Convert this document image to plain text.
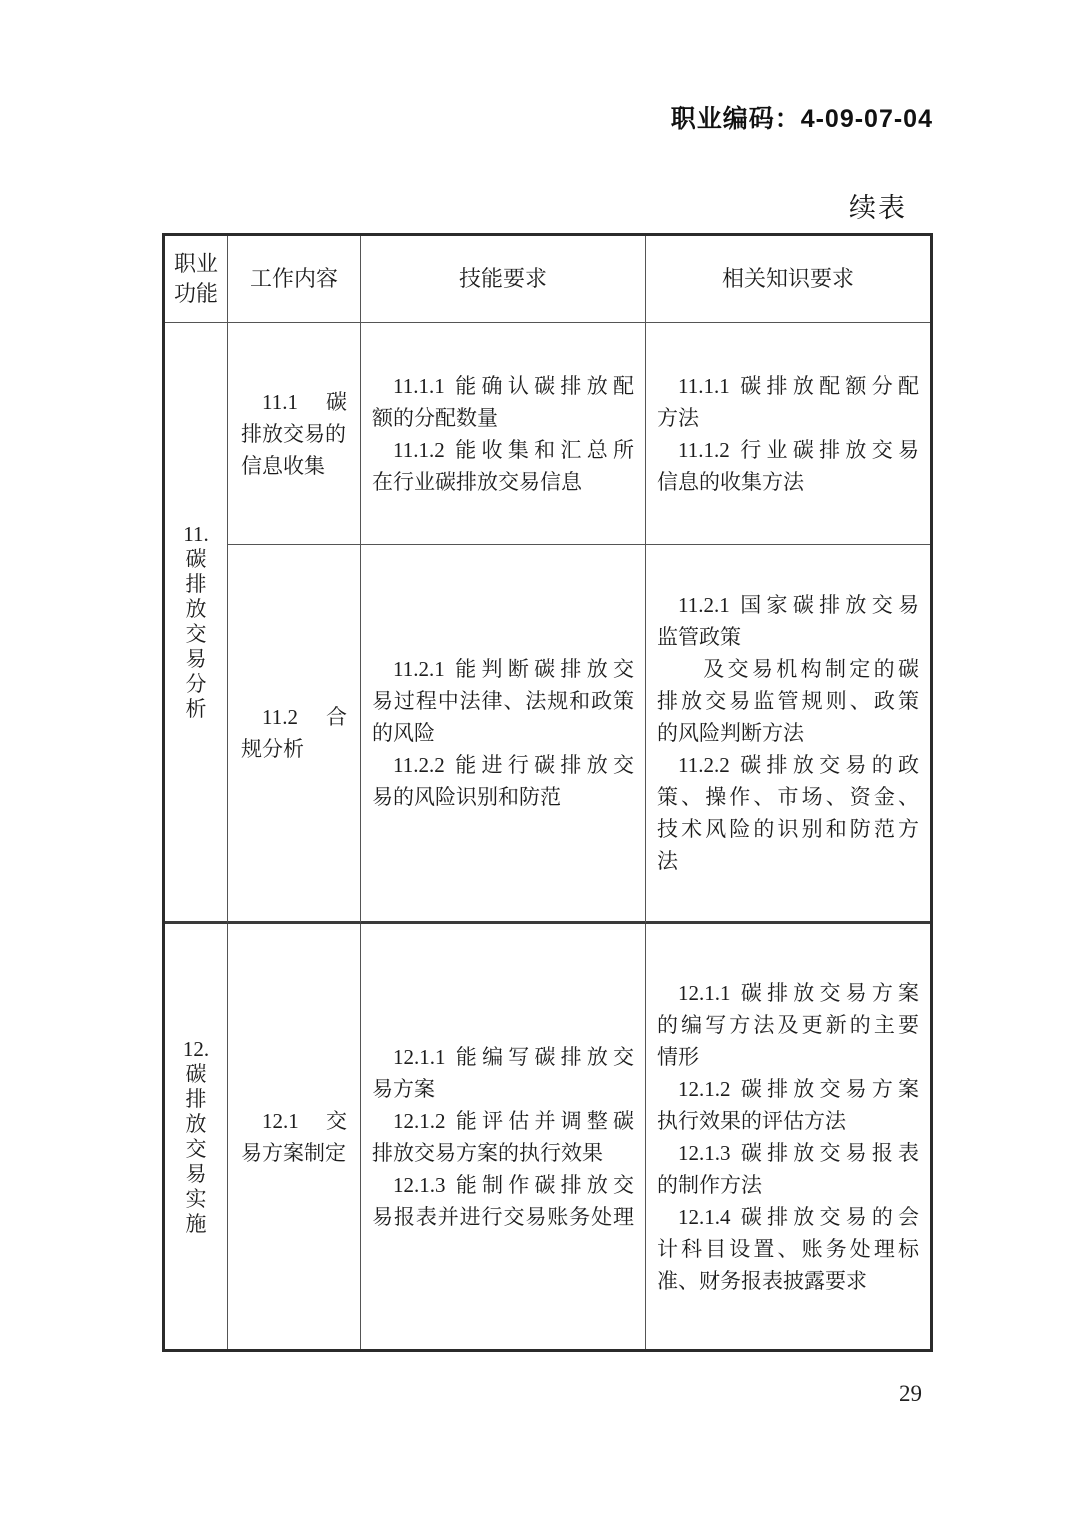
职业编码：4-09-07-04
续表
职业
功能
工作内容	技能要求	相关知识要求
11.
碳
排
放
交
易
分
析
11.1 碳
排放交易的
信息收集
11.1.1 能确认碳排放配
额的分配数量
11.1.2 能收集和汇总所
在行业碳排放交易信息
11.1.1 碳排放配额分配
方法
11.1.2 行业碳排放交易
信息的收集方法
11.2 合
规分析
11.2.1 能判断碳排放交
易过程中法律、法规和政策
的风险
11.2.2 能进行碳排放交
易的风险识别和防范
11.2.1 国家碳排放交易
监管政策
及交易机构制定的碳
排放交易监管规则、政策
的风险判断方法
11.2.2 碳排放交易的政
策、操作、市场、资金、
技术风险的识别和防范方
法
12.
碳
排
放
交
易
实
施
12.1 交
易方案制定
12.1.1 能编写碳排放交
易方案
12.1.2 能评估并调整碳
排放交易方案的执行效果
12.1.3 能制作碳排放交
易报表并进行交易账务处理
12.1.1 碳排放交易方案
的编写方法及更新的主要
情形
12.1.2 碳排放交易方案
执行效果的评估方法
12.1.3 碳排放交易报表
的制作方法
12.1.4 碳排放交易的会
计科目设置、账务处理标
准、财务报表披露要求
29
